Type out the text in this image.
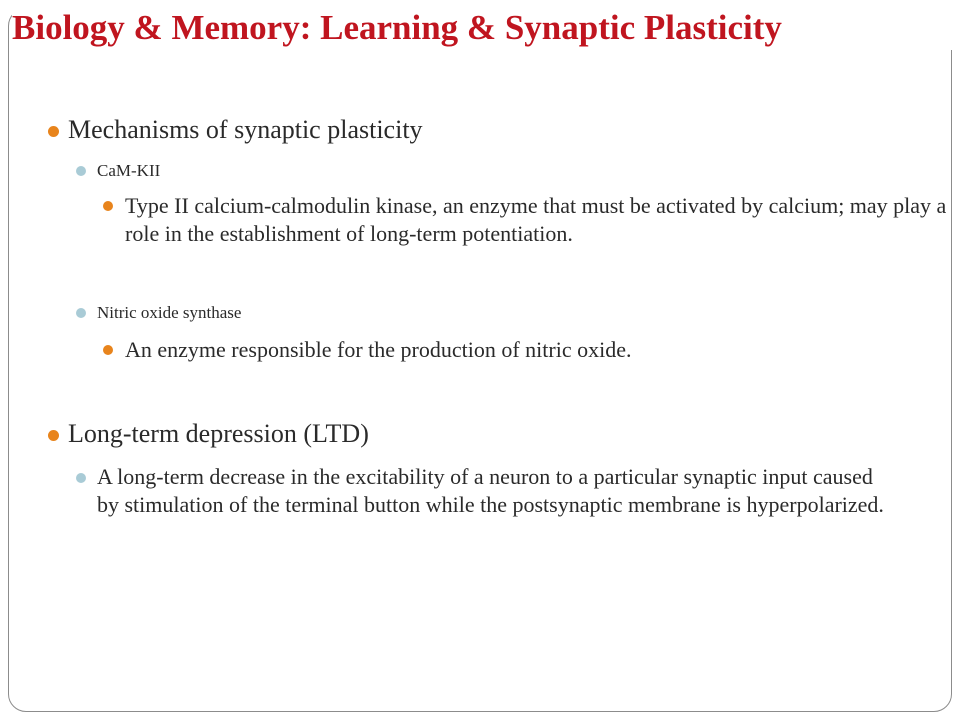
Biology & Memory: Learning & Synaptic Plasticity
Mechanisms of synaptic plasticity
CaM-KII
Type II calcium-calmodulin kinase, an enzyme that must be activated by calcium; may play a role in the establishment of long-term potentiation.
Nitric oxide synthase
An enzyme responsible for the production of nitric oxide.
Long-term depression (LTD)
A long-term decrease in the excitability of a neuron to a particular synaptic input caused by stimulation of the terminal button while the postsynaptic membrane is hyperpolarized.
